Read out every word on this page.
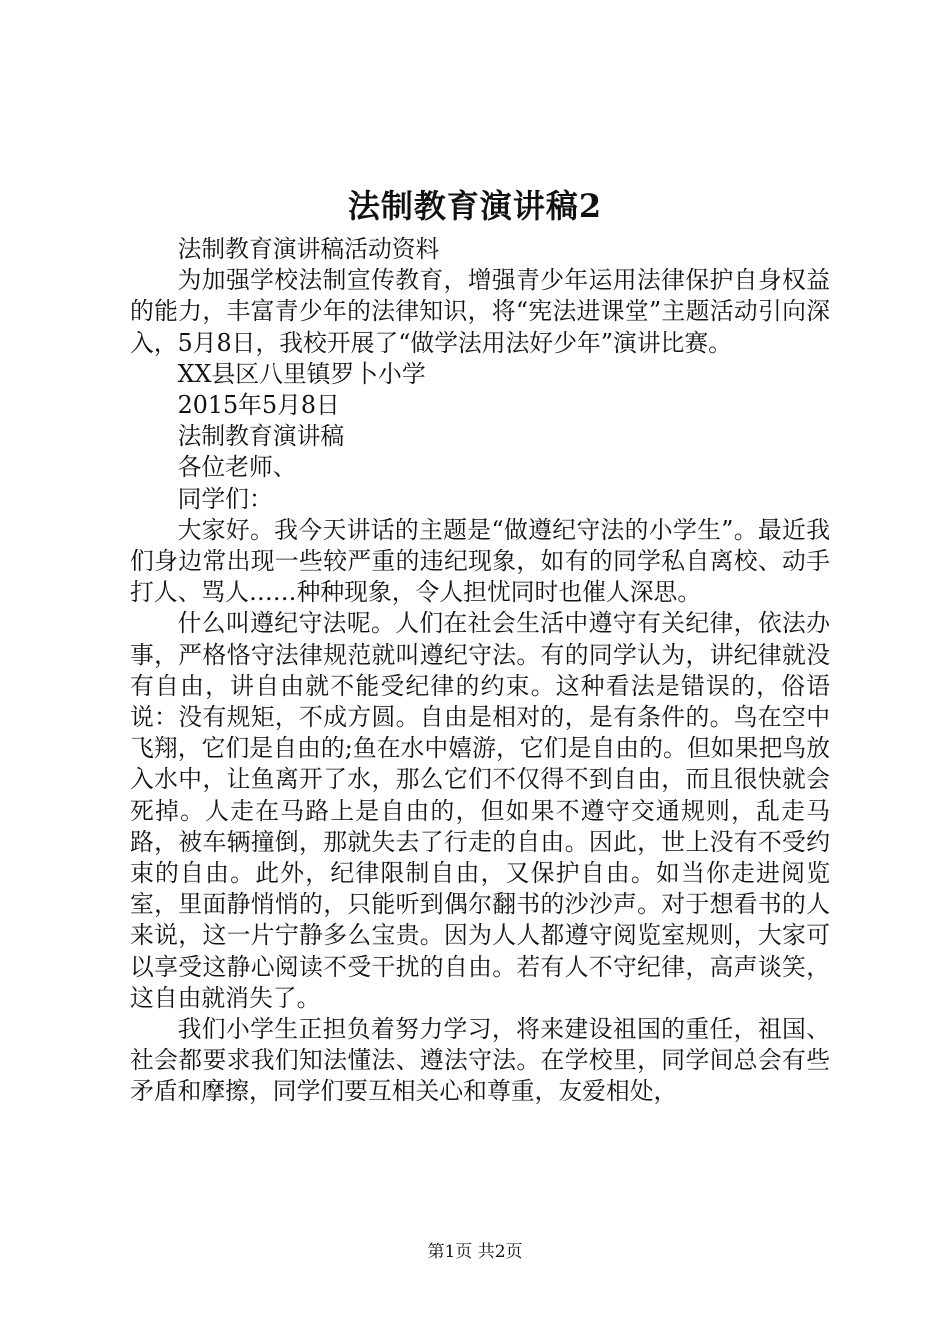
法制教育演讲稿2

法制教育演讲稿活动资料

为加强学校法制宣传教育，增强青少年运用法律保护自身权益的能力，丰富青少年的法律知识，将“宪法进课堂”主题活动引向深入，5月8日，我校开展了“做学法用法好少年”演讲比赛。

XX县区八里镇罗卜小学

2015年5月8日

法制教育演讲稿

各位老师、

同学们：

大家好。我今天讲话的主题是“做遵纪守法的小学生”。最近我们身边常出现一些较严重的违纪现象，如有的同学私自离校、动手打人、骂人……种种现象，令人担忧同时也催人深思。

什么叫遵纪守法呢。人们在社会生活中遵守有关纪律，依法办事，严格恪守法律规范就叫遵纪守法。有的同学认为，讲纪律就没有自由，讲自由就不能受纪律的约束。这种看法是错误的，俗语说：没有规矩，不成方圆。自由是相对的，是有条件的。鸟在空中飞翔，它们是自由的;鱼在水中嬉游，它们是自由的。但如果把鸟放入水中，让鱼离开了水，那么它们不仅得不到自由，而且很快就会死掉。人走在马路上是自由的，但如果不遵守交通规则，乱走马路，被车辆撞倒，那就失去了行走的自由。因此，世上没有不受约束的自由。此外，纪律限制自由，又保护自由。如当你走进阅览室，里面静悄悄的，只能听到偶尔翻书的沙沙声。对于想看书的人来说，这一片宁静多么宝贵。因为人人都遵守阅览室规则，大家可以享受这静心阅读不受干扰的自由。若有人不守纪律，高声谈笑，这自由就消失了。

我们小学生正担负着努力学习，将来建设祖国的重任，祖国、社会都要求我们知法懂法、遵法守法。在学校里，同学间总会有些矛盾和摩擦，同学们要互相关心和尊重，友爱相处，

第1页 共2页
